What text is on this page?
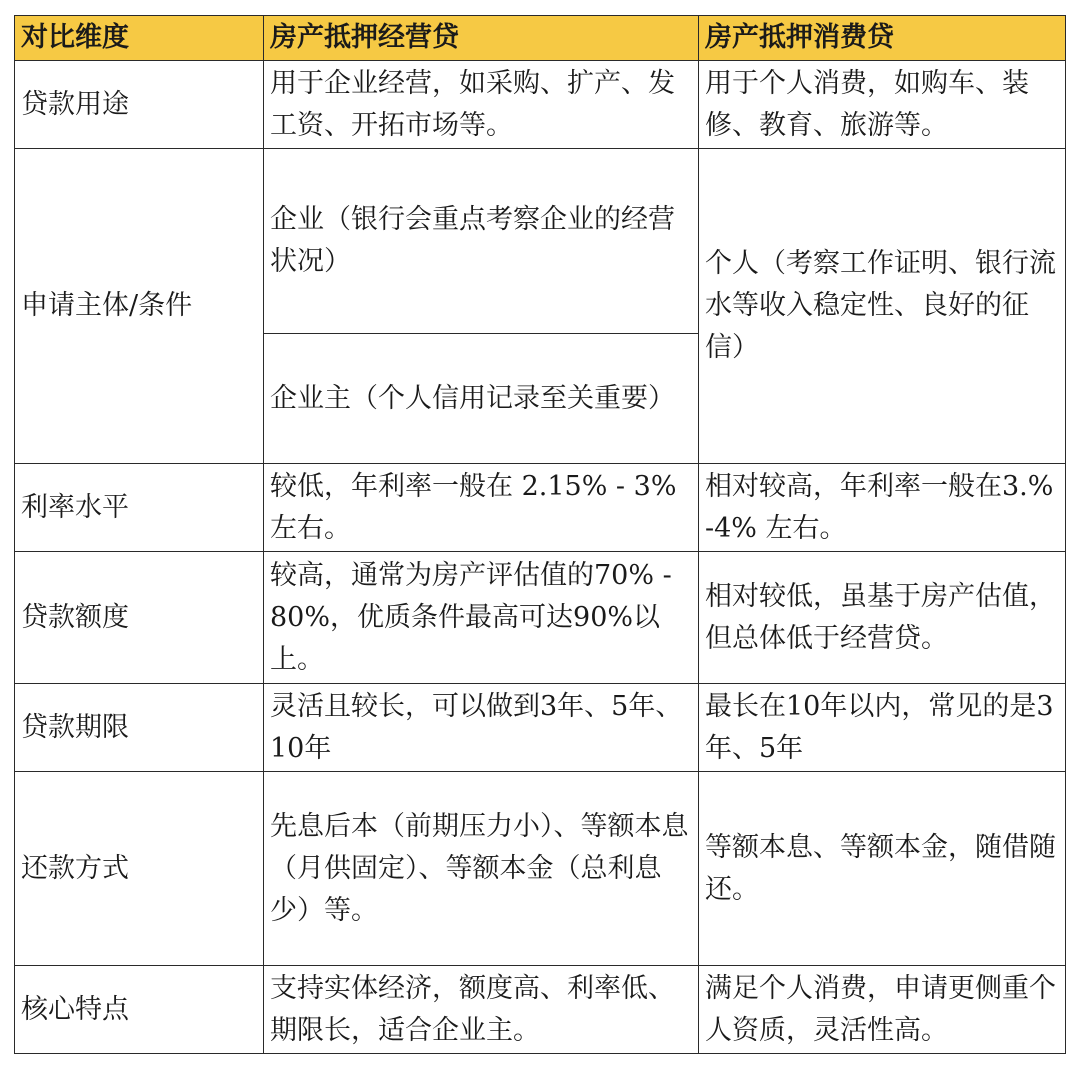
对比维度	房产抵押经营贷	房产抵押消费贷
贷款用途	用于企业经营，如采购、扩产、发工资、开拓市场等。	用于个人消费，如购车、装修、教育、旅游等。
申请主体/条件	企业（银行会重点考察企业的经营状况）	个人（考察工作证明、银行流水等收入稳定性、良好的征信）
	企业主（个人信用记录至关重要）	
利率水平	较低，年利率一般在 2.15% - 3%左右。	相对较高，年利率一般在3.%-4% 左右。
贷款额度	较高，通常为房产评估值的70% - 80%，优质条件最高可达90%以上。	相对较低，虽基于房产估值，但总体低于经营贷。
贷款期限	灵活且较长，可以做到3年、5年、10年	最长在10年以内，常见的是3年、5年
还款方式	先息后本（前期压力小）、等额本息（月供固定）、等额本金（总利息少）等。	等额本息、等额本金，随借随还。
核心特点	支持实体经济，额度高、利率低、期限长，适合企业主。	满足个人消费，申请更侧重个人资质，灵活性高。
